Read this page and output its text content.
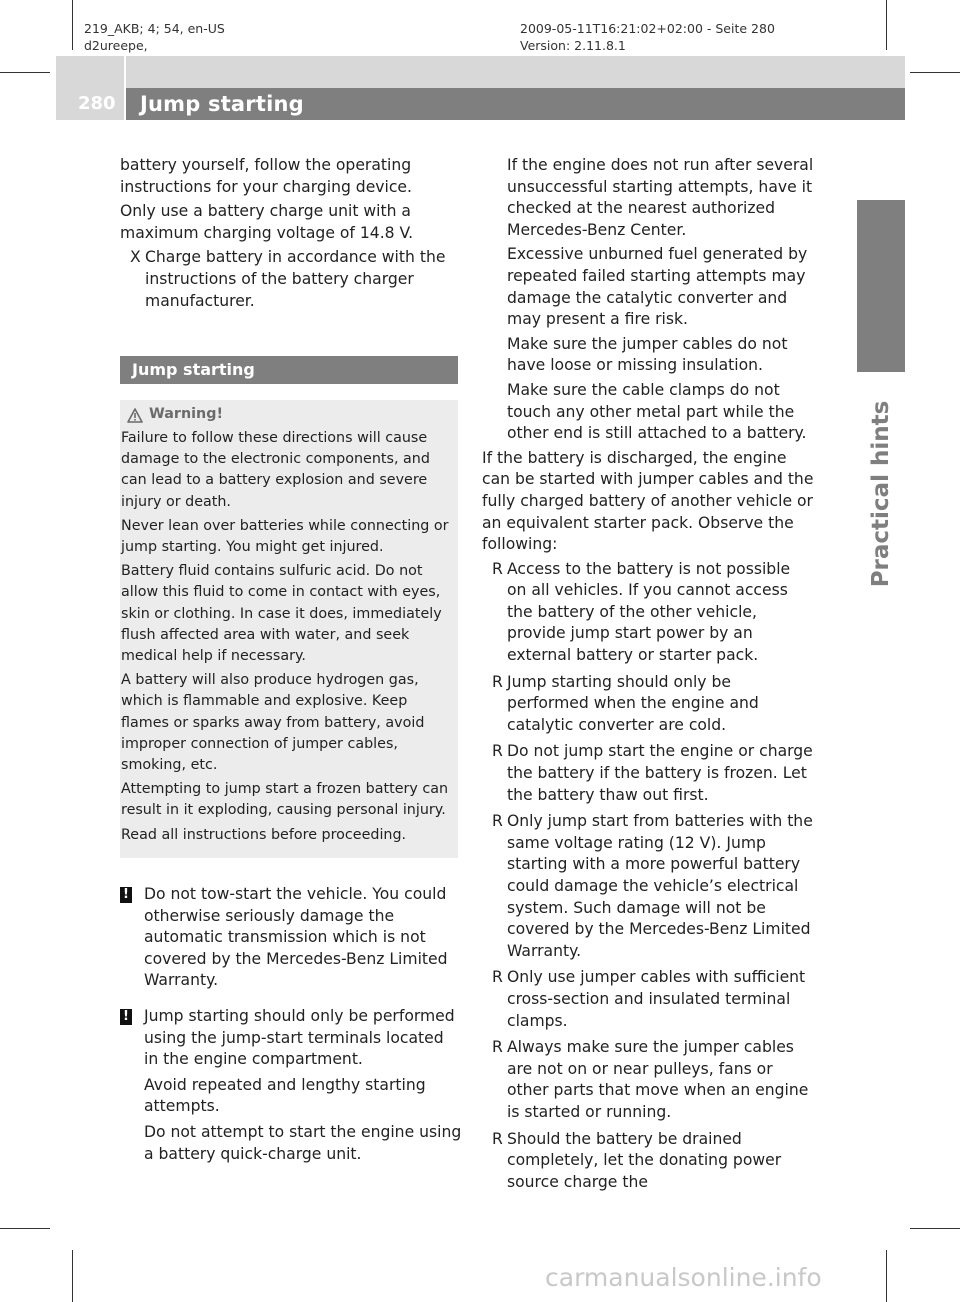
219_AKB; 4; 54, en-US
d2ureepe,
2009-05-11T16:21:02+02:00 - Seite 280
Version: 2.11.8.1
280	Jump starting
Practical hints

battery yourself, follow the operating instructions for your charging device.

Only use a battery charge unit with a maximum charging voltage of 14.8 V.

X Charge battery in accordance with the instructions of the battery charger manufacturer.
Jump starting
Warning!

Failure to follow these directions will cause damage to the electronic components, and can lead to a battery explosion and severe injury or death.

Never lean over batteries while connecting or jump starting. You might get injured.

Battery fluid contains sulfuric acid. Do not allow this fluid to come in contact with eyes, skin or clothing. In case it does, immediately flush affected area with water, and seek medical help if necessary.

A battery will also produce hydrogen gas, which is flammable and explosive. Keep flames or sparks away from battery, avoid improper connection of jumper cables, smoking, etc.

Attempting to jump start a frozen battery can result in it exploding, causing personal injury.

Read all instructions before proceeding.

! Do not tow-start the vehicle. You could otherwise seriously damage the automatic transmission which is not covered by the Mercedes-Benz Limited Warranty.

! Jump starting should only be performed using the jump-start terminals located in the engine compartment.

Avoid repeated and lengthy starting attempts.

Do not attempt to start the engine using a battery quick-charge unit.

If the engine does not run after several unsuccessful starting attempts, have it checked at the nearest authorized Mercedes-Benz Center.

Excessive unburned fuel generated by repeated failed starting attempts may damage the catalytic converter and may present a fire risk.

Make sure the jumper cables do not have loose or missing insulation.

Make sure the cable clamps do not touch any other metal part while the other end is still attached to a battery.

If the battery is discharged, the engine can be started with jumper cables and the fully charged battery of another vehicle or an equivalent starter pack. Observe the following:

R Access to the battery is not possible on all vehicles. If you cannot access the battery of the other vehicle, provide jump start power by an external battery or starter pack.
R Jump starting should only be performed when the engine and catalytic converter are cold.
R Do not jump start the engine or charge the battery if the battery is frozen. Let the battery thaw out first.
R Only jump start from batteries with the same voltage rating (12 V). Jump starting with a more powerful battery could damage the vehicle’s electrical system. Such damage will not be covered by the Mercedes-Benz Limited Warranty.
R Only use jumper cables with sufficient cross-section and insulated terminal clamps.
R Always make sure the jumper cables are not on or near pulleys, fans or other parts that move when an engine is started or running.
R Should the battery be drained completely, let the donating power source charge the
carmanualsonline.info
